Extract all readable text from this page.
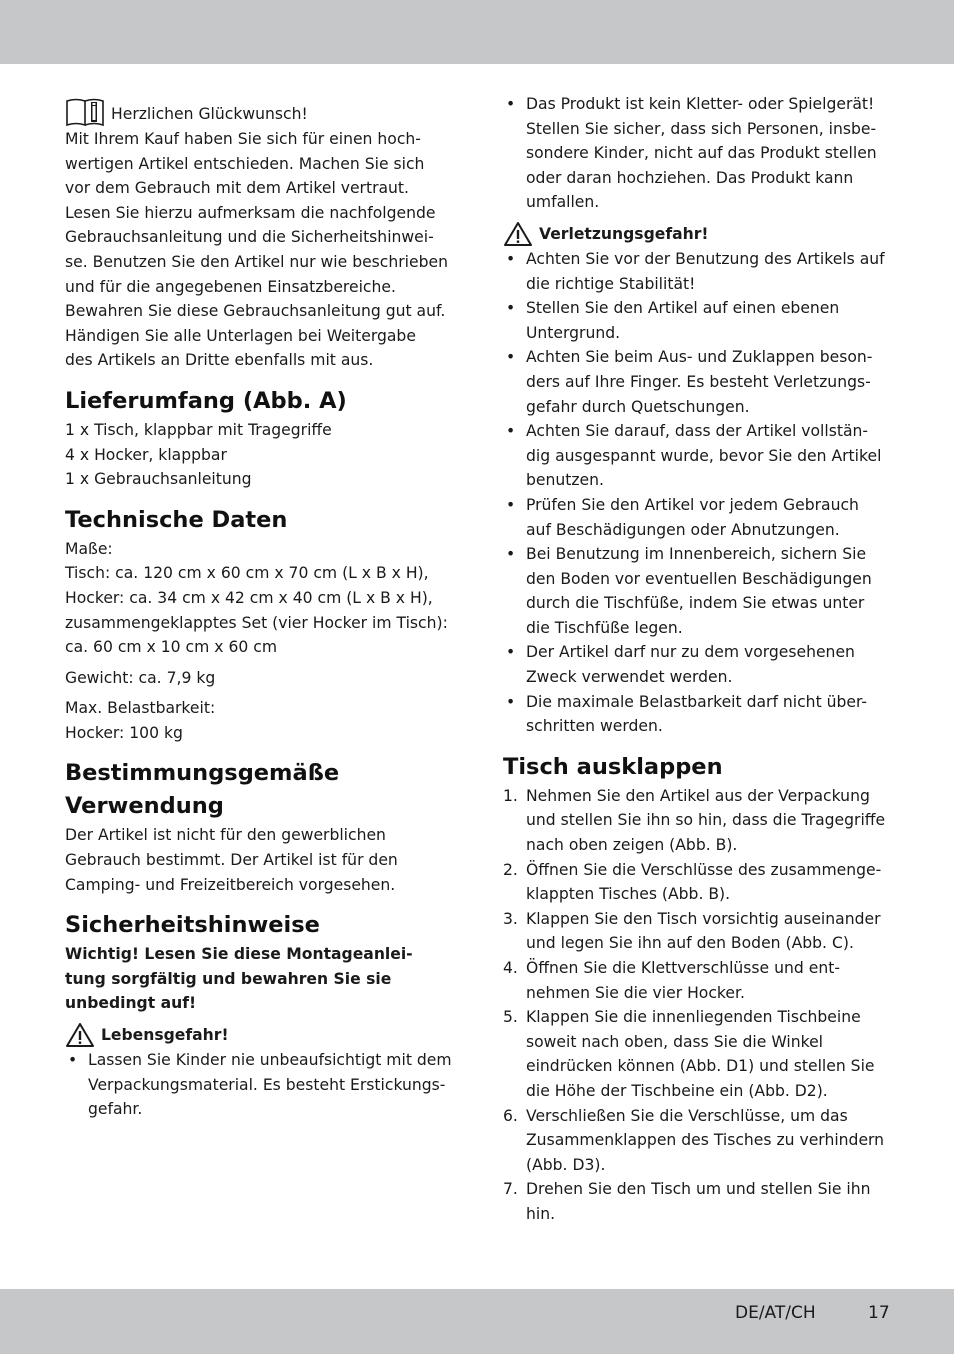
Herzlichen Glückwunsch!
Mit Ihrem Kauf haben Sie sich für einen hoch-
wertigen Artikel entschieden. Machen Sie sich
vor dem Gebrauch mit dem Artikel vertraut.
Lesen Sie hierzu aufmerksam die nachfolgende
Gebrauchsanleitung und die Sicherheitshinwei-
se. Benutzen Sie den Artikel nur wie beschrieben
und für die angegebenen Einsatzbereiche.
Bewahren Sie diese Gebrauchsanleitung gut auf.
Händigen Sie alle Unterlagen bei Weitergabe
des Artikels an Dritte ebenfalls mit aus.
Lieferumfang (Abb. A)
1 x Tisch, klappbar mit Tragegriffe
4 x Hocker, klappbar
1 x Gebrauchsanleitung
Technische Daten
Maße:
Tisch: ca. 120 cm x 60 cm x 70 cm (L x B x H),
Hocker: ca. 34 cm x 42 cm x 40 cm (L x B x H),
zusammengeklapptes Set (vier Hocker im Tisch):
ca. 60 cm x 10 cm x 60 cm

Gewicht: ca. 7,9 kg

Max. Belastbarkeit:
Hocker: 100 kg
Bestimmungsgemäße
Verwendung
Der Artikel ist nicht für den gewerblichen
Gebrauch bestimmt. Der Artikel ist für den
Camping- und Freizeitbereich vorgesehen.
Sicherheitshinweise
Wichtig! Lesen Sie diese Montageanlei-
tung sorgfältig und bewahren Sie sie
unbedingt auf!
Lebensgefahr!
• Lassen Sie Kinder nie unbeaufsichtigt mit dem
Verpackungsmaterial. Es besteht Erstickungs-
gefahr.
• Das Produkt ist kein Kletter- oder Spielgerät!
Stellen Sie sicher, dass sich Personen, insbe-
sondere Kinder, nicht auf das Produkt stellen
oder daran hochziehen. Das Produkt kann
umfallen.
Verletzungsgefahr!
• Achten Sie vor der Benutzung des Artikels auf
die richtige Stabilität!
• Stellen Sie den Artikel auf einen ebenen
Untergrund.
• Achten Sie beim Aus- und Zuklappen beson-
ders auf Ihre Finger. Es besteht Verletzungs-
gefahr durch Quetschungen.
• Achten Sie darauf, dass der Artikel vollstän-
dig ausgespannt wurde, bevor Sie den Artikel
benutzen.
• Prüfen Sie den Artikel vor jedem Gebrauch
auf Beschädigungen oder Abnutzungen.
• Bei Benutzung im Innenbereich, sichern Sie
den Boden vor eventuellen Beschädigungen
durch die Tischfüße, indem Sie etwas unter
die Tischfüße legen.
• Der Artikel darf nur zu dem vorgesehenen
Zweck verwendet werden.
• Die maximale Belastbarkeit darf nicht über-
schritten werden.
Tisch ausklappen
1. Nehmen Sie den Artikel aus der Verpackung
und stellen Sie ihn so hin, dass die Tragegriffe
nach oben zeigen (Abb. B).
2. Öffnen Sie die Verschlüsse des zusammenge-
klappten Tisches (Abb. B).
3. Klappen Sie den Tisch vorsichtig auseinander
und legen Sie ihn auf den Boden (Abb. C).
4. Öffnen Sie die Klettverschlüsse und ent-
nehmen Sie die vier Hocker.
5. Klappen Sie die innenliegenden Tischbeine
soweit nach oben, dass Sie die Winkel
eindrücken können (Abb. D1) und stellen Sie
die Höhe der Tischbeine ein (Abb. D2).
6. Verschließen Sie die Verschlüsse, um das
Zusammenklappen des Tisches zu verhindern
(Abb. D3).
7. Drehen Sie den Tisch um und stellen Sie ihn
hin.
DE/AT/CH	17
